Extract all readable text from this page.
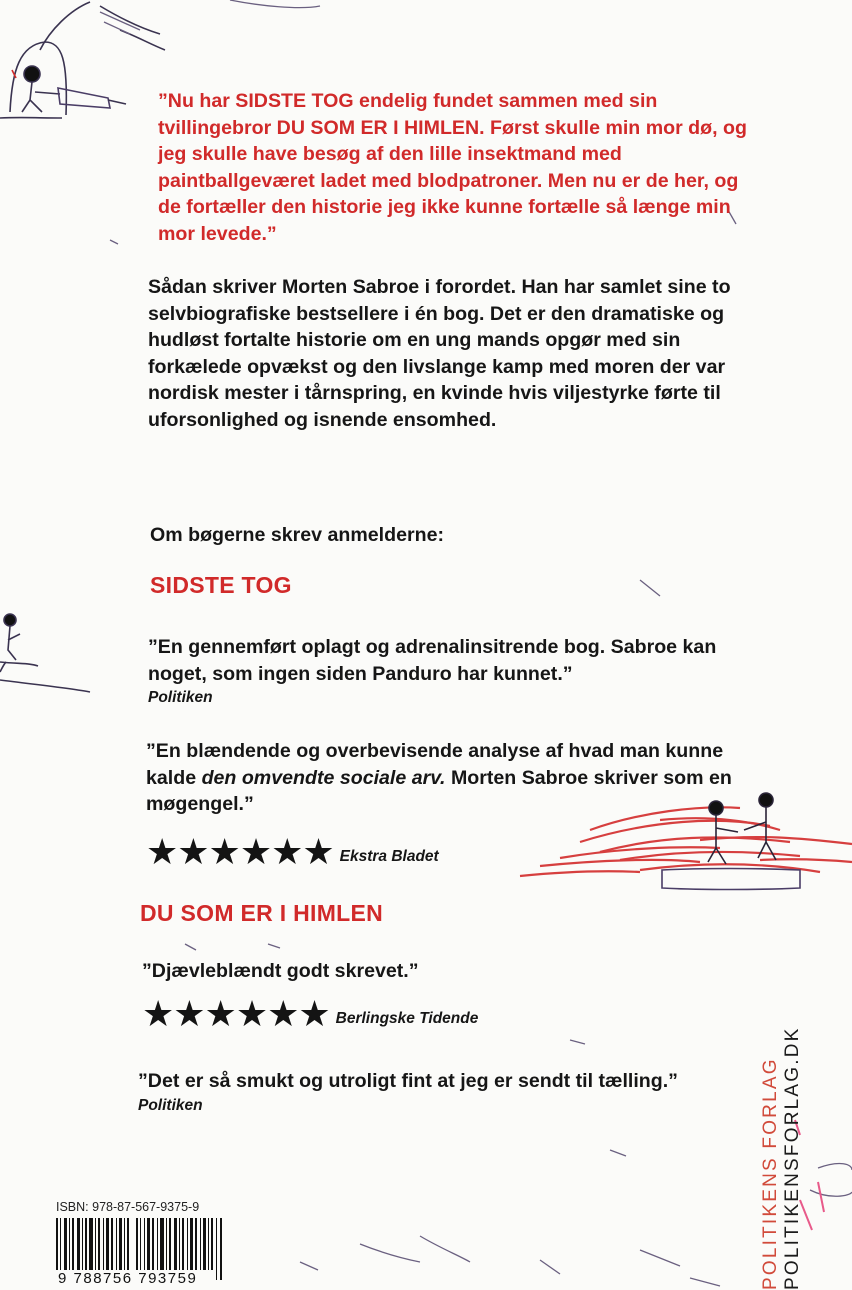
”Nu har SIDSTE TOG endelig fundet sammen med sin tvillingebror DU SOM ER I HIMLEN. Først skulle min mor dø, og jeg skulle have besøg af den lille insektmand med paintballgeværet ladet med blodpatroner. Men nu er de her, og de fortæller den historie jeg ikke kunne fortælle så længe min mor levede.”
Sådan skriver Morten Sabroe i forordet. Han har samlet sine to selvbiografiske bestsellere i én bog. Det er den dramatiske og hudløst fortalte historie om en ung mands opgør med sin forkælede opvækst og den livslange kamp med moren der var nordisk mester i tårnspring, en kvinde hvis viljestyrke førte til uforsonlighed og isnende ensomhed.
Om bøgerne skrev anmelderne:
SIDSTE TOG
”En gennemført oplagt og adrenalinsitrende bog. Sabroe kan noget, som ingen siden Panduro har kunnet.”
Politiken
”En blændende og overbevisende analyse af hvad man kunne kalde den omvendte sociale arv. Morten Sabroe skriver som en møgengel.”
★★★★★★ Ekstra Bladet
DU SOM ER I HIMLEN
”Djævleblændt godt skrevet.”
★★★★★★ Berlingske Tidende
”Det er så smukt og utroligt fint at jeg er sendt til tælling.”
Politiken
ISBN: 978-87-567-9375-9
9 788756 793759	POLITIKENS FORLAG POLITIKENSFORLAG.DK
